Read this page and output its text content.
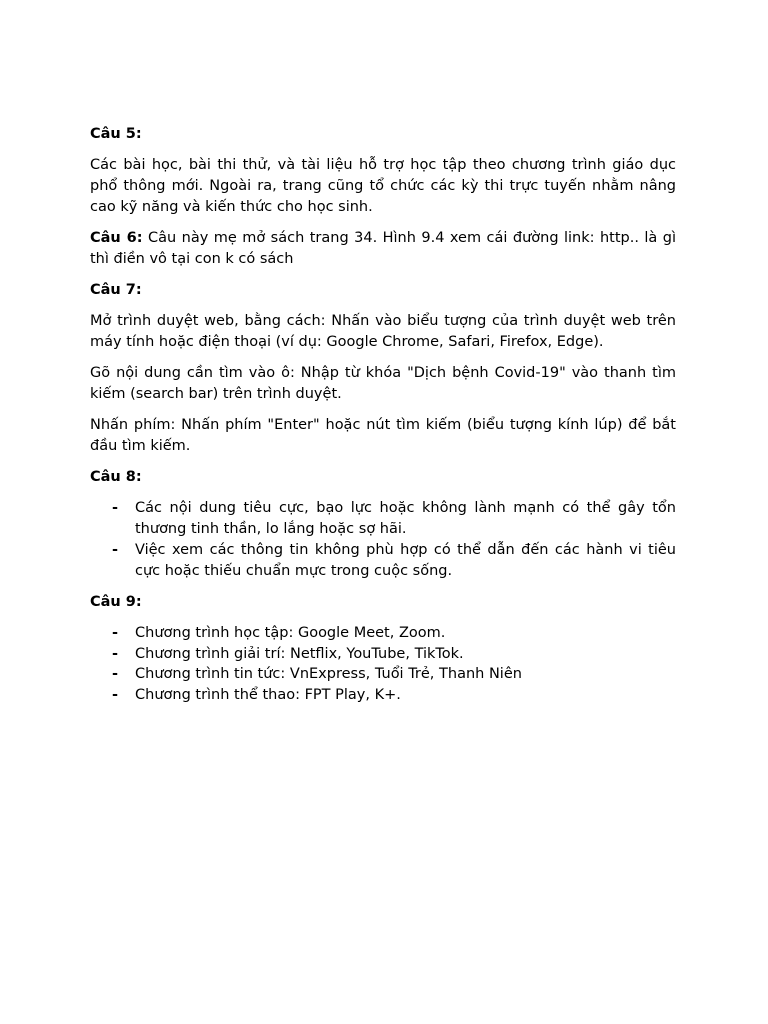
Câu 5:

Các bài học, bài thi thử, và tài liệu hỗ trợ học tập theo chương trình giáo dục phổ thông mới. Ngoài ra, trang cũng tổ chức các kỳ thi trực tuyến nhằm nâng cao kỹ năng và kiến thức cho học sinh.

Câu 6: Câu này mẹ mở sách trang 34. Hình 9.4 xem cái đường link: http.. là gì thì điền vô tại con k có sách

Câu 7:

Mở trình duyệt web, bằng cách: Nhấn vào biểu tượng của trình duyệt web trên máy tính hoặc điện thoại (ví dụ: Google Chrome, Safari, Firefox, Edge).

Gõ nội dung cần tìm vào ô: Nhập từ khóa "Dịch bệnh Covid-19" vào thanh tìm kiếm (search bar) trên trình duyệt.

Nhấn phím: Nhấn phím "Enter" hoặc nút tìm kiếm (biểu tượng kính lúp) để bắt đầu tìm kiếm.

Câu 8:

- Các nội dung tiêu cực, bạo lực hoặc không lành mạnh có thể gây tổn thương tinh thần, lo lắng hoặc sợ hãi.
- Việc xem các thông tin không phù hợp có thể dẫn đến các hành vi tiêu cực hoặc thiếu chuẩn mực trong cuộc sống.

Câu 9:

- Chương trình học tập: Google Meet, Zoom.
- Chương trình giải trí: Netflix, YouTube, TikTok.
- Chương trình tin tức: VnExpress, Tuổi Trẻ, Thanh Niên
- Chương trình thể thao: FPT Play, K+.
